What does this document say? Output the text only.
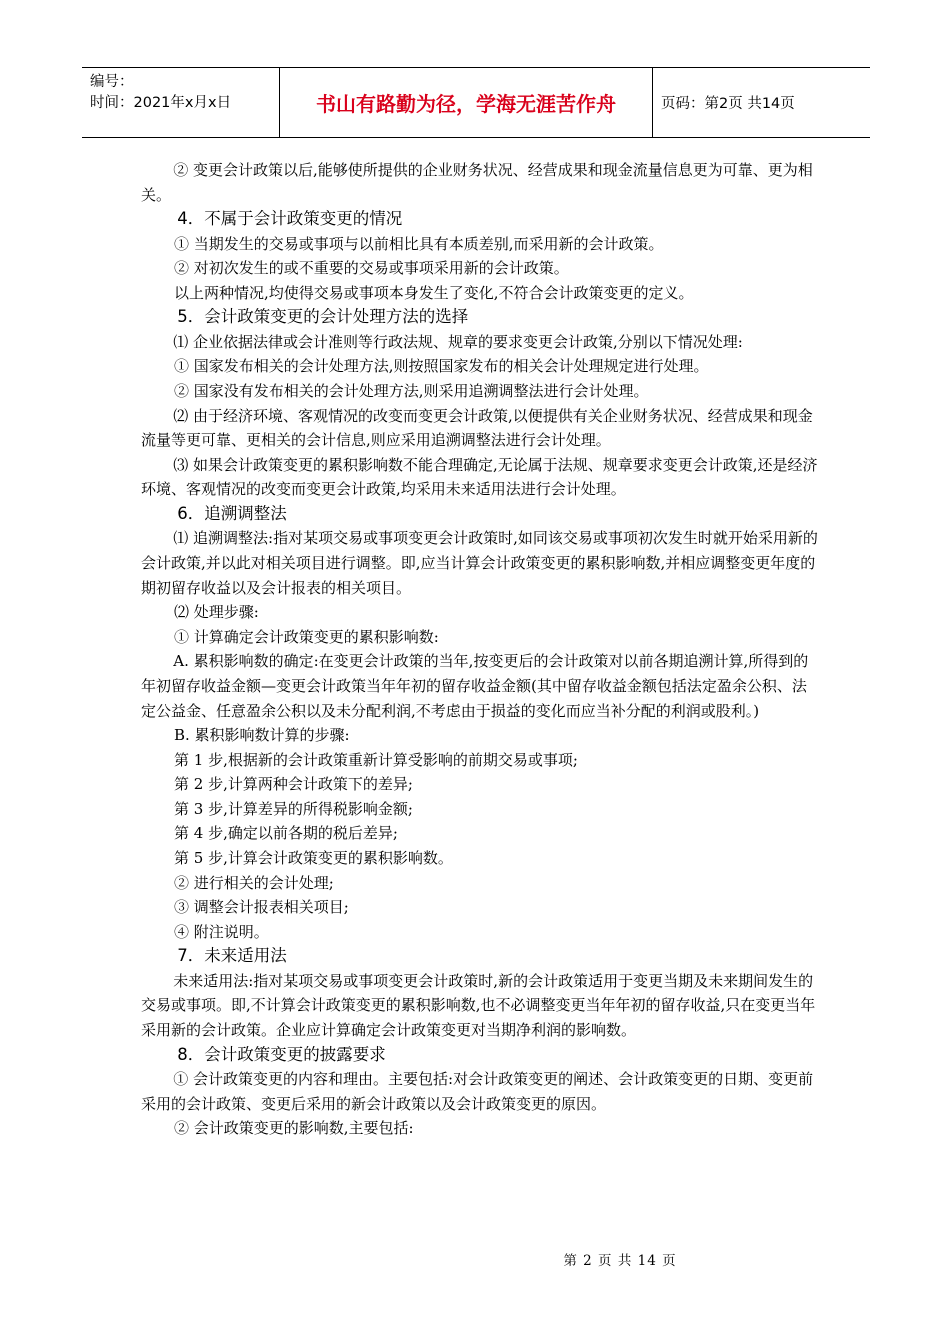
编号：
时间：2021年x月x日	书山有路勤为径，学海无涯苦作舟	页码：第2页 共14页

② 变更会计政策以后,能够使所提供的企业财务状况、经营成果和现金流量信息更为可靠、更为相关。

4．不属于会计政策变更的情况

① 当期发生的交易或事项与以前相比具有本质差别,而采用新的会计政策。

② 对初次发生的或不重要的交易或事项采用新的会计政策。

以上两种情况,均使得交易或事项本身发生了变化,不符合会计政策变更的定义。

5．会计政策变更的会计处理方法的选择

⑴ 企业依据法律或会计准则等行政法规、规章的要求变更会计政策,分别以下情况处理:

① 国家发布相关的会计处理方法,则按照国家发布的相关会计处理规定进行处理。

② 国家没有发布相关的会计处理方法,则采用追溯调整法进行会计处理。

⑵ 由于经济环境、客观情况的改变而变更会计政策,以便提供有关企业财务状况、经营成果和现金流量等更可靠、更相关的会计信息,则应采用追溯调整法进行会计处理。

⑶ 如果会计政策变更的累积影响数不能合理确定,无论属于法规、规章要求变更会计政策,还是经济环境、客观情况的改变而变更会计政策,均采用未来适用法进行会计处理。

6．追溯调整法

⑴ 追溯调整法:指对某项交易或事项变更会计政策时,如同该交易或事项初次发生时就开始采用新的会计政策,并以此对相关项目进行调整。即,应当计算会计政策变更的累积影响数,并相应调整变更年度的期初留存收益以及会计报表的相关项目。

⑵ 处理步骤:

① 计算确定会计政策变更的累积影响数:

A. 累积影响数的确定:在变更会计政策的当年,按变更后的会计政策对以前各期追溯计算,所得到的年初留存收益金额—变更会计政策当年年初的留存收益金额(其中留存收益金额包括法定盈余公积、法定公益金、任意盈余公积以及未分配利润,不考虑由于损益的变化而应当补分配的利润或股利。)

B. 累积影响数计算的步骤:

第 1 步,根据新的会计政策重新计算受影响的前期交易或事项;

第 2 步,计算两种会计政策下的差异;

第 3 步,计算差异的所得税影响金额;

第 4 步,确定以前各期的税后差异;

第 5 步,计算会计政策变更的累积影响数。

② 进行相关的会计处理;

③ 调整会计报表相关项目;

④ 附注说明。

7．未来适用法

未来适用法:指对某项交易或事项变更会计政策时,新的会计政策适用于变更当期及未来期间发生的交易或事项。即,不计算会计政策变更的累积影响数,也不必调整变更当年年初的留存收益,只在变更当年采用新的会计政策。企业应计算确定会计政策变更对当期净利润的影响数。

8．会计政策变更的披露要求

① 会计政策变更的内容和理由。主要包括:对会计政策变更的阐述、会计政策变更的日期、变更前采用的会计政策、变更后采用的新会计政策以及会计政策变更的原因。

② 会计政策变更的影响数,主要包括:

第 2 页 共 14 页
